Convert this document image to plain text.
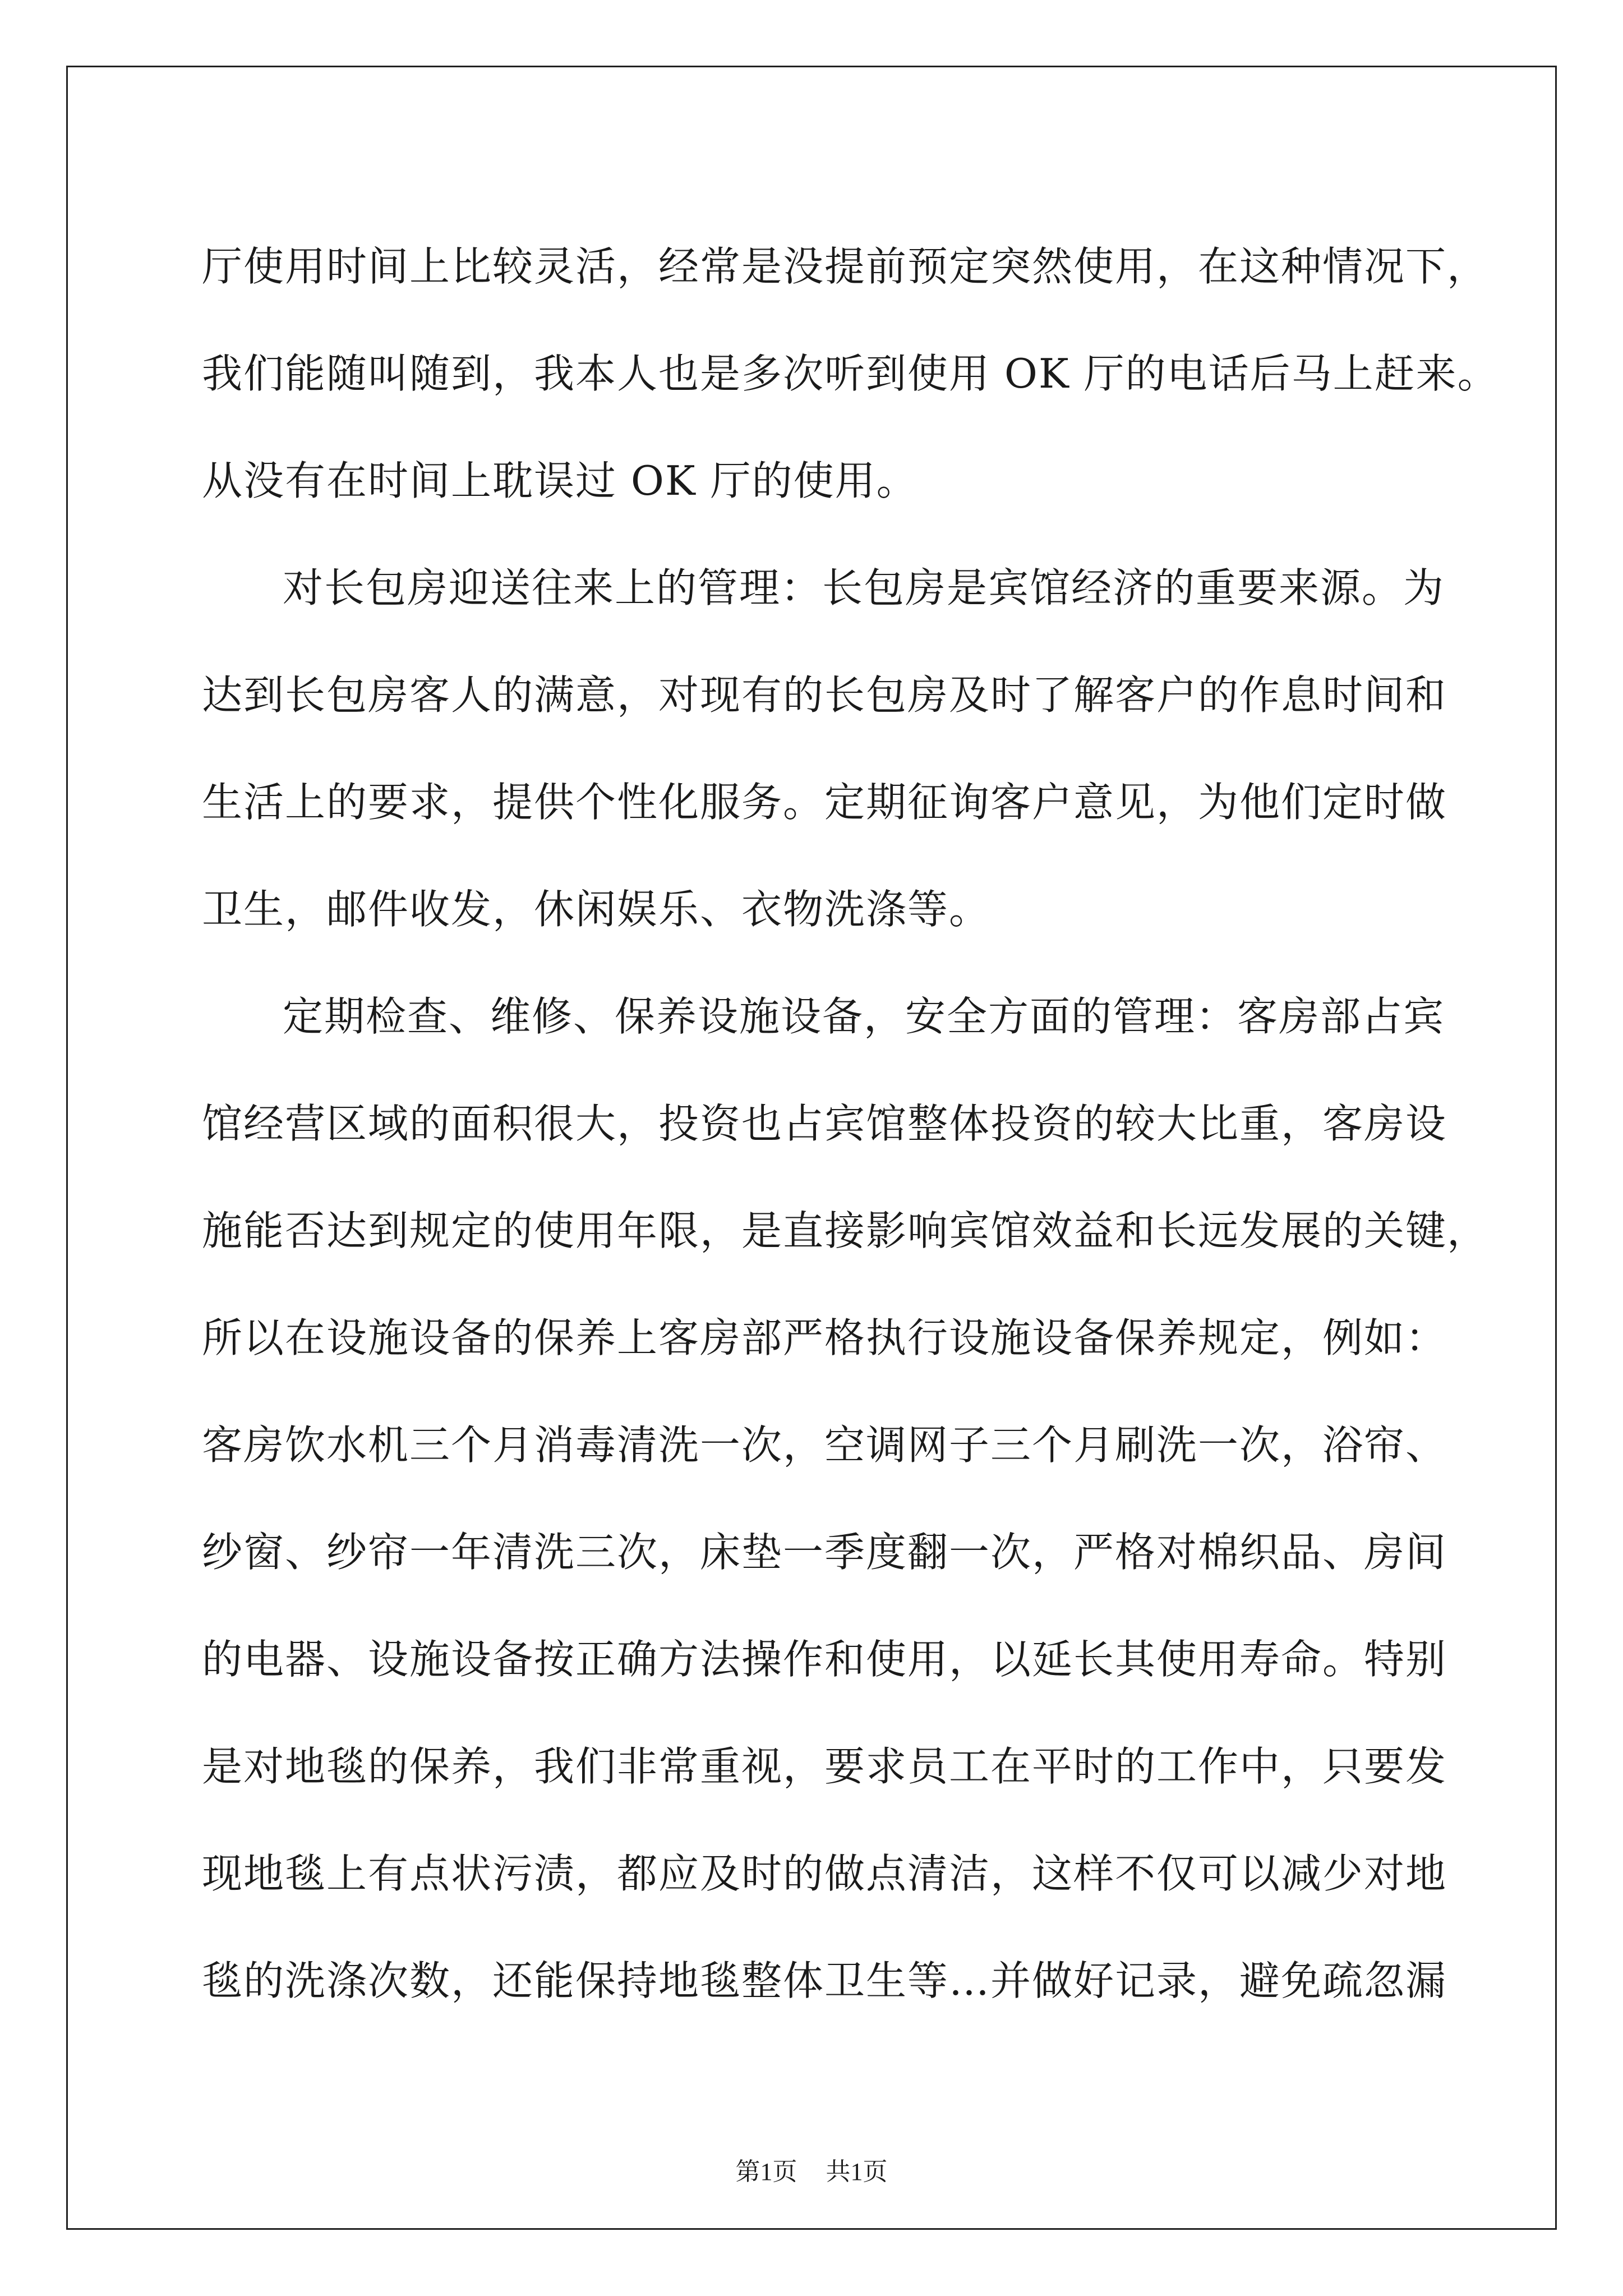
厅使用时间上比较灵活，经常是没提前预定突然使用，在这种情况下，
我们能随叫随到，我本人也是多次听到使用 OK 厅的电话后马上赶来。
从没有在时间上耽误过 OK 厅的使用。
对长包房迎送往来上的管理：长包房是宾馆经济的重要来源。为
达到长包房客人的满意，对现有的长包房及时了解客户的作息时间和
生活上的要求，提供个性化服务。定期征询客户意见，为他们定时做
卫生，邮件收发，休闲娱乐、衣物洗涤等。
定期检查、维修、保养设施设备，安全方面的管理：客房部占宾
馆经营区域的面积很大，投资也占宾馆整体投资的较大比重，客房设
施能否达到规定的使用年限，是直接影响宾馆效益和长远发展的关键，
所以在设施设备的保养上客房部严格执行设施设备保养规定，例如：
客房饮水机三个月消毒清洗一次，空调网子三个月刷洗一次，浴帘、
纱窗、纱帘一年清洗三次，床垫一季度翻一次，严格对棉织品、房间
的电器、设施设备按正确方法操作和使用，以延长其使用寿命。特别
是对地毯的保养，我们非常重视，要求员工在平时的工作中，只要发
现地毯上有点状污渍，都应及时的做点清洁，这样不仅可以减少对地
毯的洗涤次数，还能保持地毯整体卫生等…并做好记录，避免疏忽漏
第1页 共1页
